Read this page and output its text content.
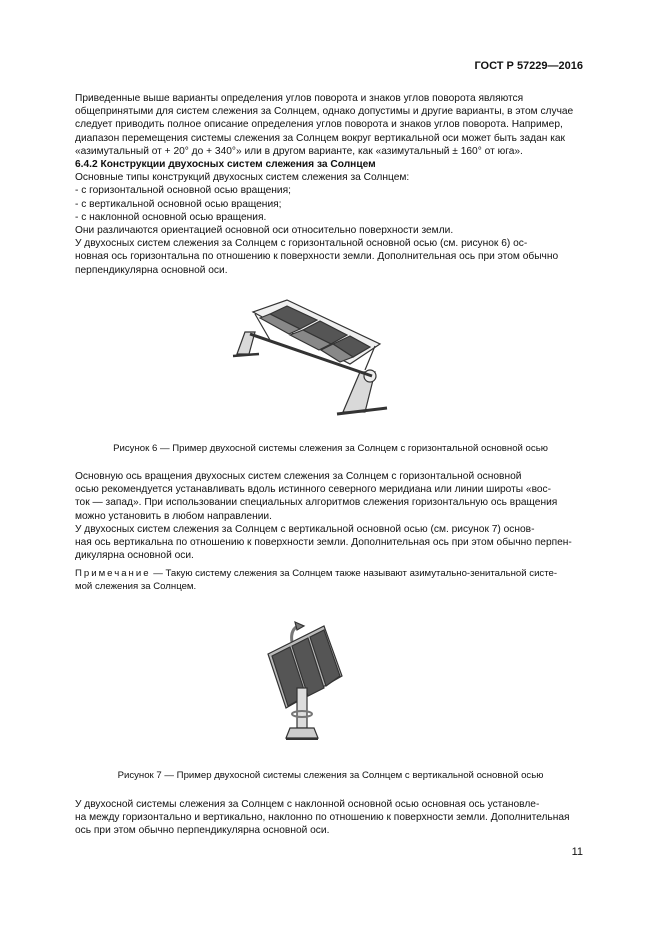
ГОСТ Р 57229—2016
Приведенные выше варианты определения углов поворота и знаков углов поворота являются
общепринятыми для систем слежения за Солнцем, однако допустимы и другие варианты, в этом случае
следует приводить полное описание определения углов поворота и знаков углов поворота. Например,
диапазон перемещения системы слежения за Солнцем вокруг вертикальной оси может быть задан как
«азимутальный от + 20° до + 340°» или в другом варианте, как «азимутальный ± 160° от юга».
6.4.2 Конструкции двухосных систем слежения за Солнцем
Основные типы конструкций двухосных систем слежения за Солнцем:
- с горизонтальной основной осью вращения;
- с вертикальной основной осью вращения;
- с наклонной основной осью вращения.
Они различаются ориентацией основной оси относительно поверхности земли.
У двухосных систем слежения за Солнцем с горизонтальной основной осью (см. рисунок 6) ос-
новная ось горизонтальна по отношению к поверхности земли. Дополнительная ось при этом обычно
перпендикулярна основной оси.
Рисунок 6 — Пример двухосной системы слежения за Солнцем с горизонтальной основной осью
Основную ось вращения двухосных систем слежения за Солнцем с горизонтальной основной
осью рекомендуется устанавливать вдоль истинного северного меридиана или линии широты «вос-
ток — запад». При использовании специальных алгоритмов слежения горизонтальную ось вращения
можно установить в любом направлении.
У двухосных систем слежения за Солнцем с вертикальной основной осью (см. рисунок 7) основ-
ная ось вертикальна по отношению к поверхности земли. Дополнительная ось при этом обычно перпен-
дикулярна основной оси.
Примечание — Такую систему слежения за Солнцем также называют азимутально-зенитальной систе-
мой слежения за Солнцем.
Рисунок 7 — Пример двухосной системы слежения за Солнцем с вертикальной основной осью
У двухосной системы слежения за Солнцем с наклонной основной осью основная ось установле-
на между горизонтально и вертикально, наклонно по отношению к поверхности земли. Дополнительная
ось при этом обычно перпендикулярна основной оси.
11
